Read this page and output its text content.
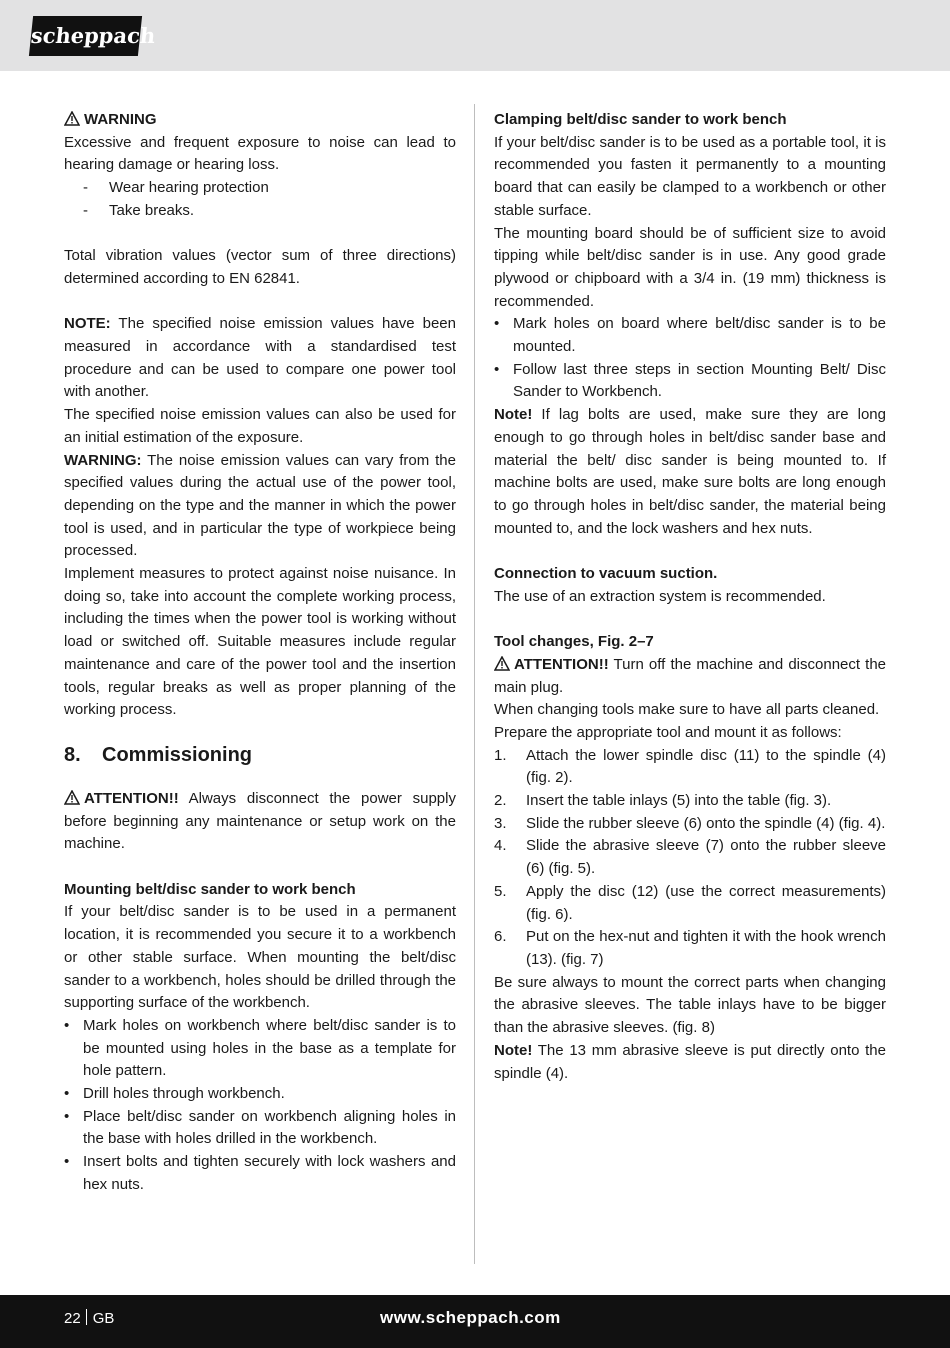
scheppach

WARNING

Excessive and frequent exposure to noise can lead to hearing damage or hearing loss.

- Wear hearing protection
- Take breaks.

Total vibration values (vector sum of three directions) determined according to EN 62841.

NOTE: The specified noise emission values have been measured in accordance with a standardised test procedure and can be used to compare one power tool with another.

The specified noise emission values can also be used for an initial estimation of the exposure.

WARNING: The noise emission values can vary from the specified values during the actual use of the power tool, depending on the type and the manner in which the power tool is used, and in particular the type of workpiece being processed.

Implement measures to protect against noise nuisance. In doing so, take into account the complete working process, including the times when the power tool is working without load or switched off. Suitable measures include regular maintenance and care of the power tool and the insertion tools, regular breaks as well as proper planning of the working process.

8. Commissioning

ATTENTION!! Always disconnect the power supply before beginning any maintenance or setup work on the machine.

Mounting belt/disc sander to work bench

If your belt/disc sander is to be used in a permanent location, it is recommended you secure it to a workbench or other stable surface. When mounting the belt/disc sander to a workbench, holes should be drilled through the supporting surface of the workbench.

• Mark holes on workbench where belt/disc sander is to be mounted using holes in the base as a template for hole pattern.
• Drill holes through workbench.
• Place belt/disc sander on workbench aligning holes in the base with holes drilled in the workbench.
• Insert bolts and tighten securely with lock washers and hex nuts.

Clamping belt/disc sander to work bench

If your belt/disc sander is to be used as a portable tool, it is recommended you fasten it permanently to a mounting board that can easily be clamped to a workbench or other stable surface.

The mounting board should be of sufficient size to avoid tipping while belt/disc sander is in use. Any good grade plywood or chipboard with a 3/4 in. (19 mm) thickness is recommended.

• Mark holes on board where belt/disc sander is to be mounted.
• Follow last three steps in section Mounting Belt/ Disc Sander to Workbench.

Note! If lag bolts are used, make sure they are long enough to go through holes in belt/disc sander base and material the belt/ disc sander is being mounted to. If machine bolts are used, make sure bolts are long enough to go through holes in belt/disc sander, the material being mounted to, and the lock washers and hex nuts.

Connection to vacuum suction.

The use of an extraction system is recommended.

Tool changes, Fig. 2–7

ATTENTION!! Turn off the machine and disconnect the main plug.

When changing tools make sure to have all parts cleaned.

Prepare the appropriate tool and mount it as follows:

1. Attach the lower spindle disc (11) to the spindle (4) (fig. 2).
2. Insert the table inlays (5) into the table (fig. 3).
3. Slide the rubber sleeve (6) onto the spindle (4) (fig. 4).
4. Slide the abrasive sleeve (7) onto the rubber sleeve (6) (fig. 5).
5. Apply the disc (12) (use the correct measurements) (fig. 6).
6. Put on the hex-nut and tighten it with the hook wrench (13). (fig. 7)

Be sure always to mount the correct parts when changing the abrasive sleeves. The table inlays have to be bigger than the abrasive sleeves. (fig. 8)

Note! The 13 mm abrasive sleeve is put directly onto the spindle (4).

22 GB	www.scheppach.com
